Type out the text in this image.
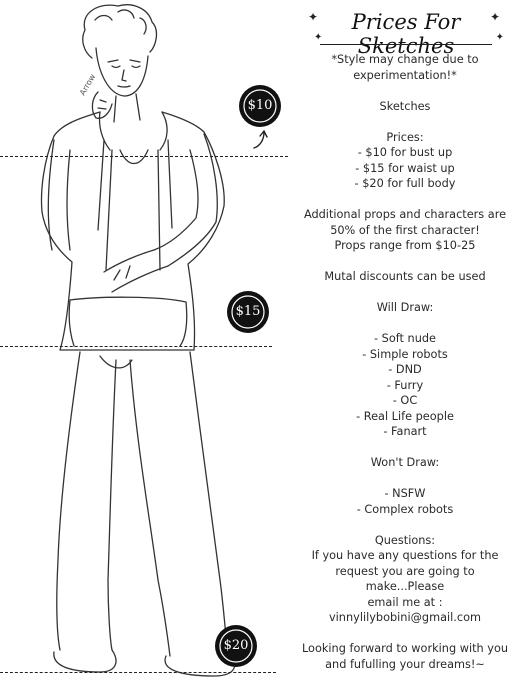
Arrow
$10
$15
$20
✦
✦
✦
✦
Prices For Sketches
*Style may change due to
experimentation!*
Sketches
Prices:
- $10 for bust up
- $15 for waist up
- $20 for full body
Additional props and characters are
50% of the first character!
Props range from $10-25
Mutal discounts can be used
Will Draw:
- Soft nude
- Simple robots
- DND
- Furry
- OC
- Real Life people
- Fanart
Won't Draw:
- NSFW
- Complex robots
Questions:
If you have any questions for the
request you are going to
make...Please
email me at :
vinnylilybobini@gmail.com
Looking forward to working with you
and fufulling your dreams!~
